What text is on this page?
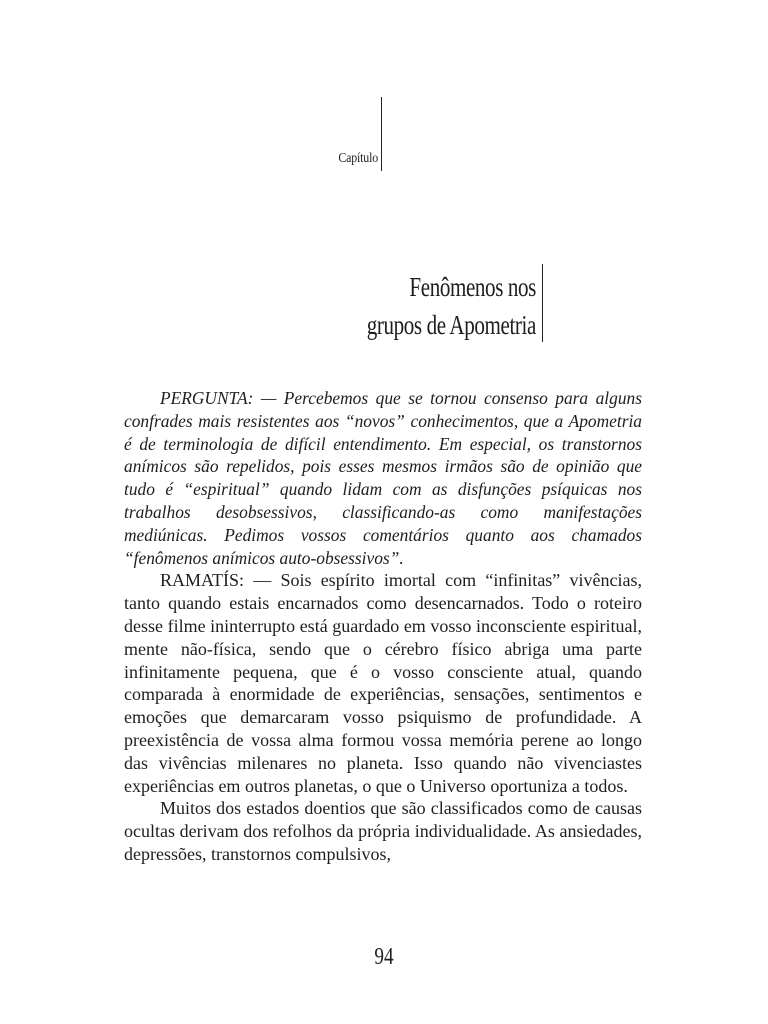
Capítulo
Fenômenos nos
grupos de Apometria

PERGUNTA: — Percebemos que se tornou consenso para alguns confrades mais resistentes aos “novos” conhecimentos, que a Apometria é de terminologia de difícil entendimento. Em especial, os transtornos anímicos são repelidos, pois esses mesmos irmãos são de opinião que tudo é “espiritual” quando lidam com as disfunções psíquicas nos trabalhos desobsessivos, classificando-as como manifestações mediúnicas. Pedimos vossos comentários quanto aos chamados “fenômenos anímicos auto-obsessivos”.

RAMATÍS: — Sois espírito imortal com “infinitas” vivências, tanto quando estais encarnados como desencarnados. Todo o roteiro desse filme ininterrupto está guardado em vosso inconsciente espiritual, mente não-física, sendo que o cérebro físico abriga uma parte infinitamente pequena, que é o vosso consciente atual, quando comparada à enormidade de experiências, sensações, sentimentos e emoções que demarcaram vosso psiquismo de profundidade. A preexistência de vossa alma formou vossa memória perene ao longo das vivências milenares no planeta. Isso quando não vivenciastes experiências em outros planetas, o que o Universo oportuniza a todos.

Muitos dos estados doentios que são classificados como de causas ocultas derivam dos refolhos da própria individualidade. As ansiedades, depressões, transtornos compulsivos,

94
